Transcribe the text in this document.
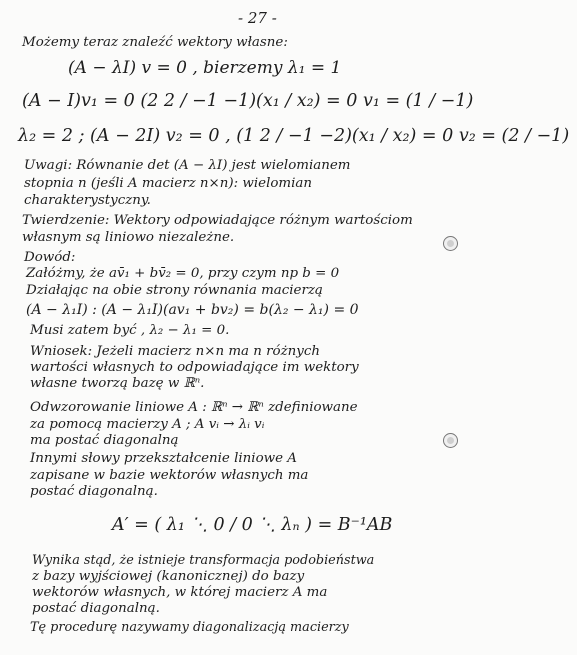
- 27 -
Możemy teraz znaleźć wektory własne:
(A − λI) v = 0 , bierzemy λ₁ = 1
(A − I)v₁ = 0 (2 2 / −1 −1)(x₁ / x₂) = 0 v₁ = (1 / −1)
λ₂ = 2 ; (A − 2I) v₂ = 0 , (1 2 / −1 −2)(x₁ / x₂) = 0 v₂ = (2 / −1)
Uwagi: Równanie det (A − λI) jest wielomianem
stopnia n (jeśli A macierz n×n): wielomian
charakterystyczny.
Twierdzenie: Wektory odpowiadające różnym wartościom
własnym są liniowo niezależne.
Dowód:
Załóżmy, że av̄₁ + bv̄₂ = 0, przy czym np b = 0
Działając na obie strony równania macierzą
(A − λ₁I) : (A − λ₁I)(av₁ + bv₂) = b(λ₂ − λ₁) = 0
Musi zatem być , λ₂ − λ₁ = 0.
Wniosek: Jeżeli macierz n×n ma n różnych
wartości własnych to odpowiadające im wektory
własne tworzą bazę w ℝⁿ.
Odwzorowanie liniowe A : ℝⁿ → ℝⁿ zdefiniowane
za pomocą macierzy A ; A vᵢ → λᵢ vᵢ
ma postać diagonalną
Innymi słowy przekształcenie liniowe A
zapisane w bazie wektorów własnych ma
postać diagonalną.
A′ = ( λ₁ ⋱ 0 / 0 ⋱ λₙ ) = B⁻¹AB
Wynika stąd, że istnieje transformacja podobieństwa
z bazy wyjściowej (kanonicznej) do bazy
wektorów własnych, w której macierz A ma
postać diagonalną.
Tę procedurę nazywamy diagonalizacją macierzy
